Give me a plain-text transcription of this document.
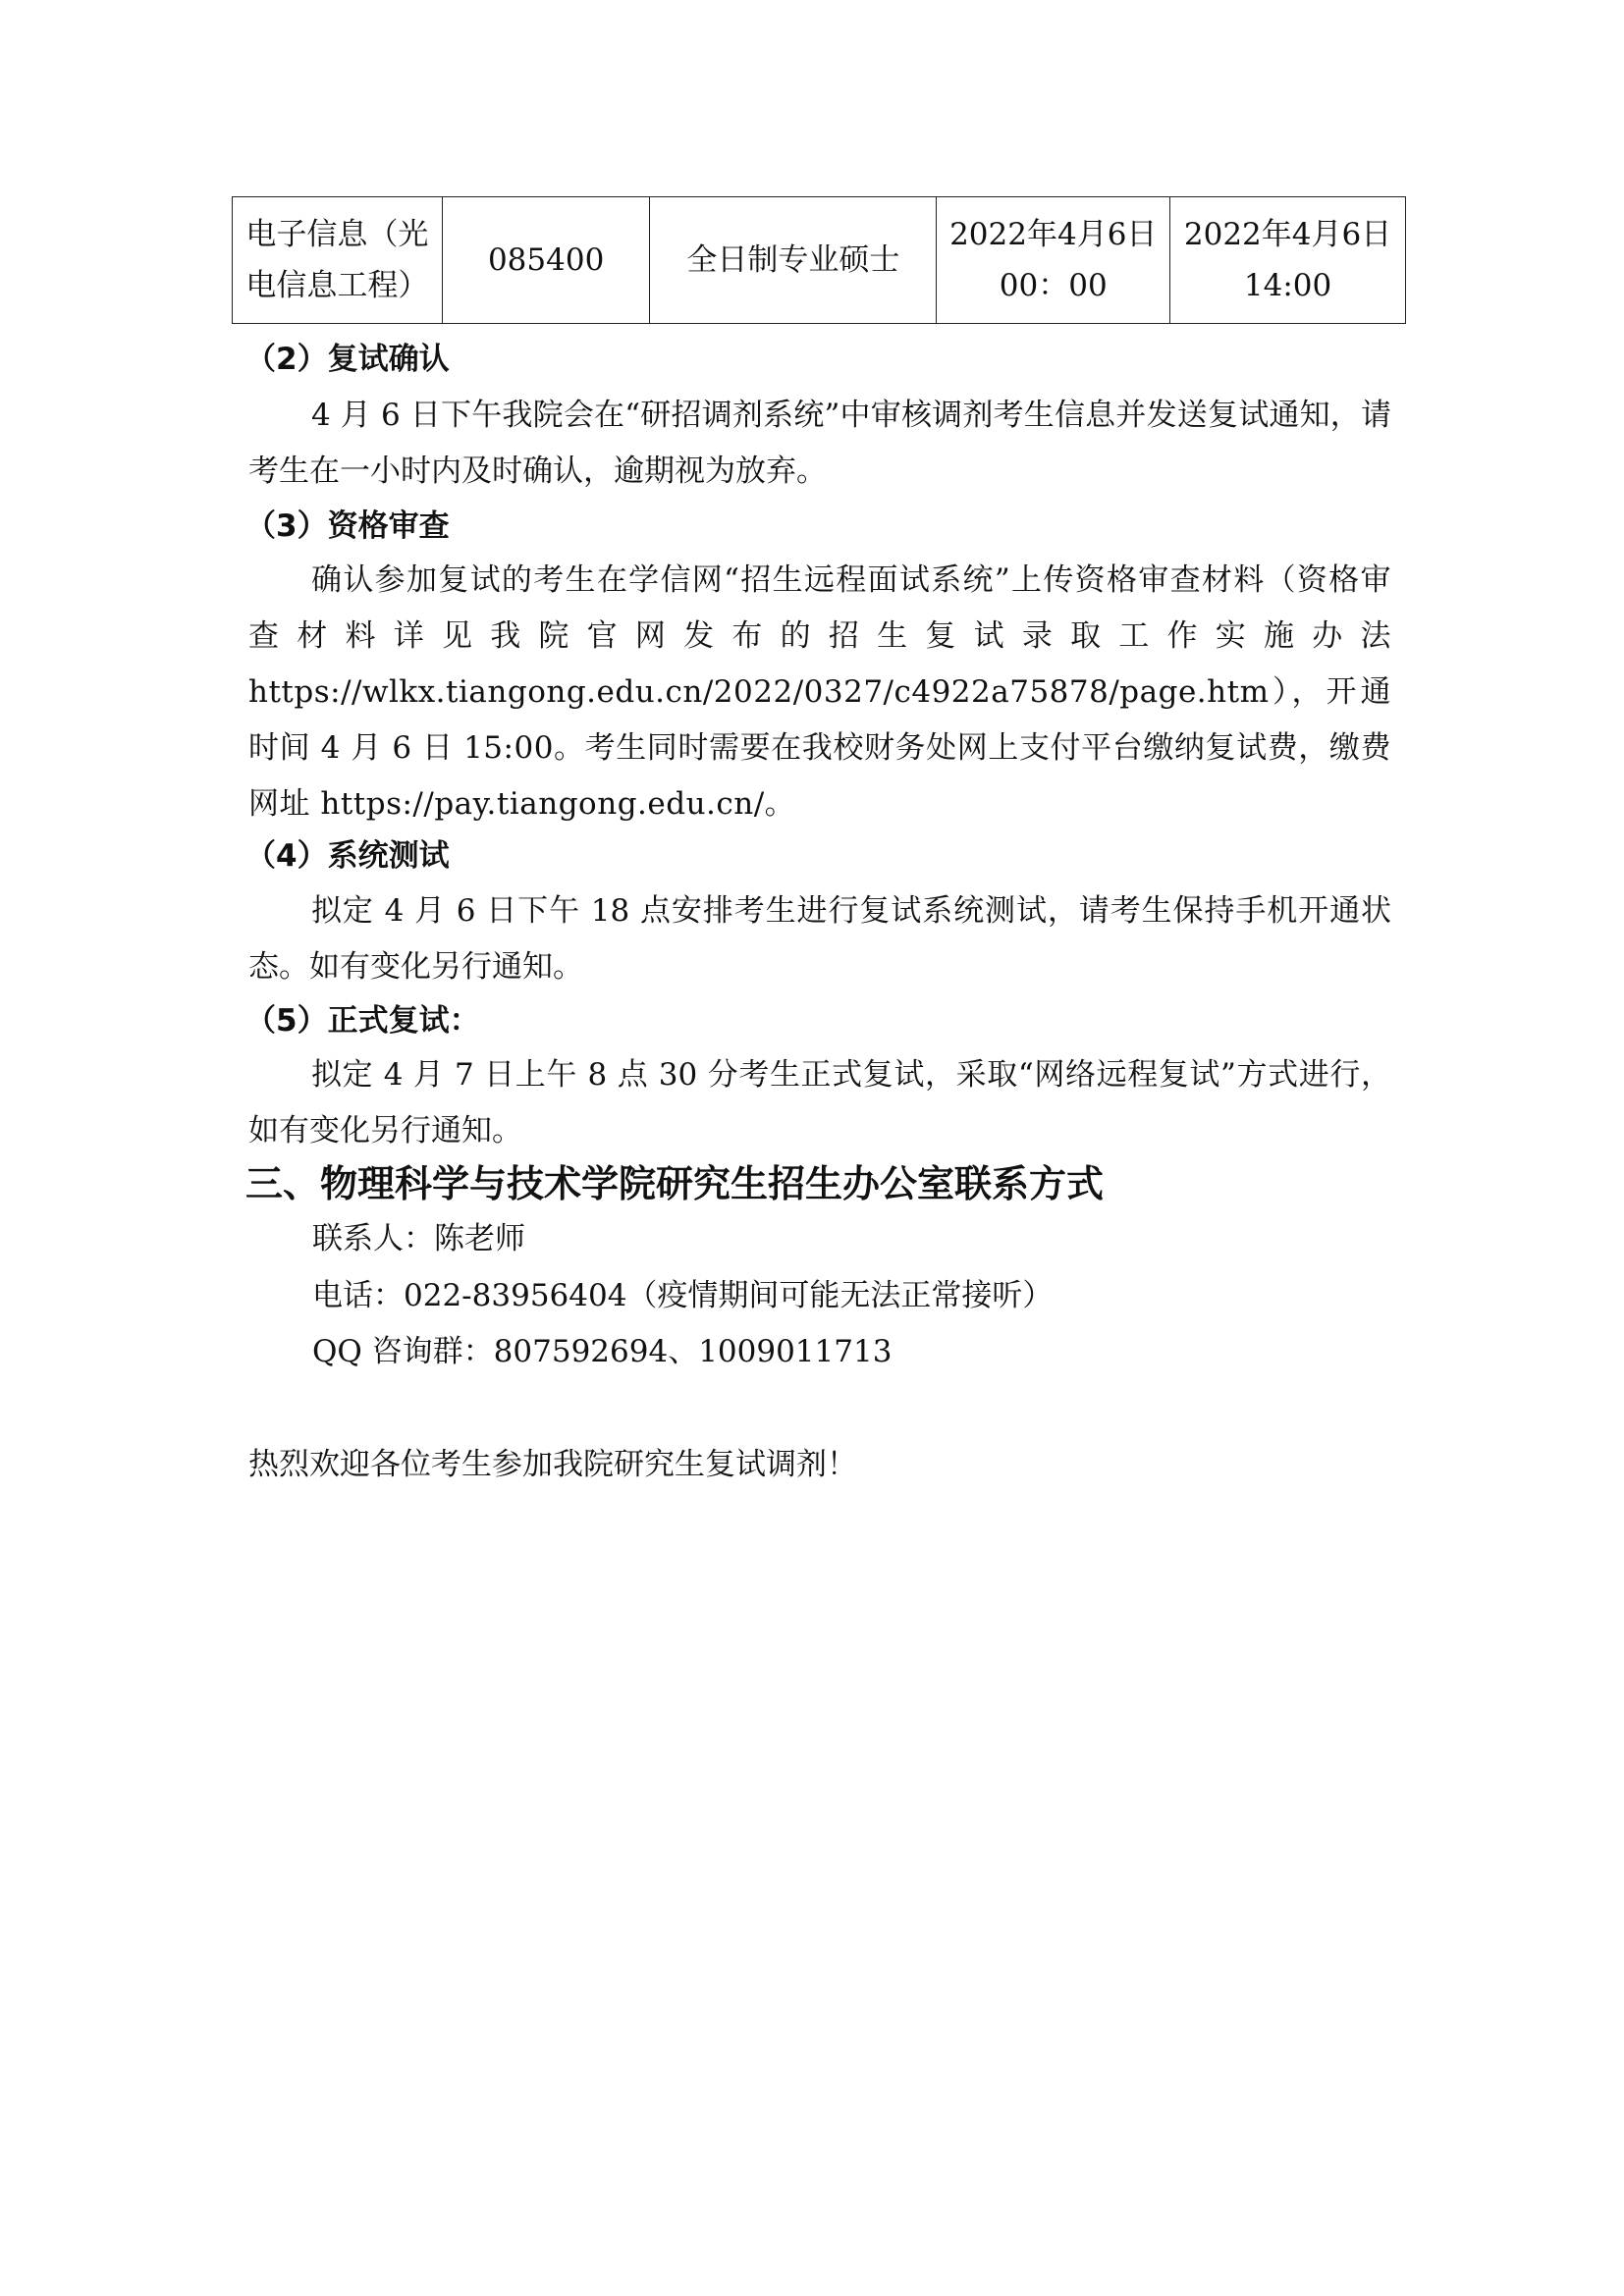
电子信息（光电信息工程）	085400	全日制专业硕士	2022年4月6日 00：00	2022年4月6日 14:00
（2）复试确认
4 月 6 日下午我院会在“研招调剂系统”中审核调剂考生信息并发送复试通知，请考生在一小时内及时确认，逾期视为放弃。
（3）资格审查
确认参加复试的考生在学信网“招生远程面试系统”上传资格审查材料（资格审查材料详见我院官网发布的招生复试录取工作实施办法 https://wlkx.tiangong.edu.cn/2022/0327/c4922a75878/page.htm），开通时间 4 月 6 日 15:00。考生同时需要在我校财务处网上支付平台缴纳复试费，缴费网址 https://pay.tiangong.edu.cn/。
（4）系统测试
拟定 4 月 6 日下午 18 点安排考生进行复试系统测试，请考生保持手机开通状态。如有变化另行通知。
（5）正式复试：
拟定 4 月 7 日上午 8 点 30 分考生正式复试，采取“网络远程复试”方式进行，如有变化另行通知。
三、物理科学与技术学院研究生招生办公室联系方式
联系人：陈老师
电话：022-83956404（疫情期间可能无法正常接听）
QQ 咨询群：807592694、1009011713
热烈欢迎各位考生参加我院研究生复试调剂！
